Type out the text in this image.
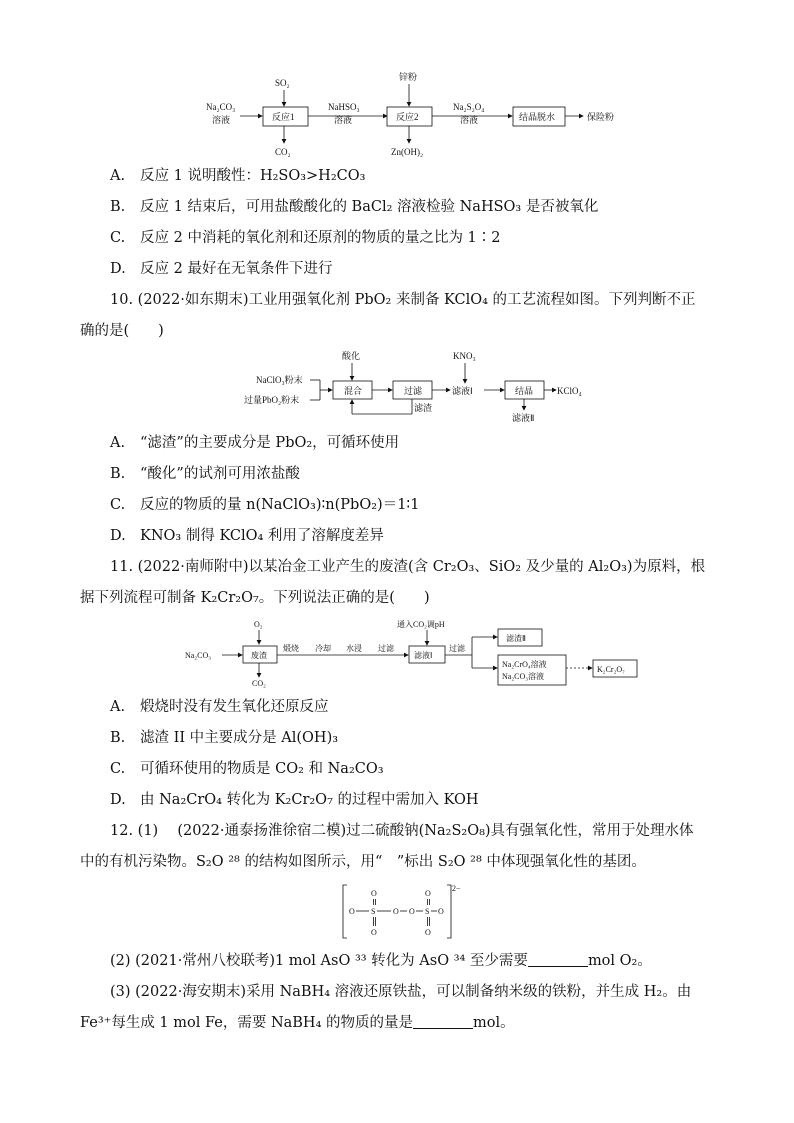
Na₂CO₃
溶液
SO₂
反应1
CO₂
NaHSO₃
溶液
锌粉
反应2
Zn(OH)₂
Na₂S₂O₄
溶液	结晶脱水	保险粉
A. 反应 1 说明酸性：H₂SO₃>H₂CO₃
B. 反应 1 结束后，可用盐酸酸化的 BaCl₂ 溶液检验 NaHSO₃ 是否被氧化
C. 反应 2 中消耗的氧化剂和还原剂的物质的量之比为 1∶2
D. 反应 2 最好在无氧条件下进行
10. (2022·如东期末)工业用强氧化剂 PbO₂ 来制备 KClO₄ 的工艺流程如图。下列判断不正
确的是(　　)
酸化
NaClO₃粉末
过量PbO₂粉末
混合	过滤
滤渣
滤液Ⅰ
KNO₃
结晶	KClO₄
滤液Ⅱ
A. “滤渣”的主要成分是 PbO₂，可循环使用
B. “酸化”的试剂可用浓盐酸
C. 反应的物质的量 n(NaClO₃)∶n(PbO₂)＝1∶1
D. KNO₃ 制得 KClO₄ 利用了溶解度差异
11. (2022·南师附中)以某冶金工业产生的废渣(含 Cr₂O₃、SiO₂ 及少量的 Al₂O₃)为原料，根
据下列流程可制备 K₂Cr₂O₇。下列说法正确的是(　　)
O₂
Na₂CO₃	废渣
CO₂
煅烧 冷却 水浸 过滤
滤液Ⅰ
通入CO₂调pH
过滤
滤渣Ⅱ
Na₂CrO₄溶液
Na₂CO₃溶液
K₂Cr₂O₇
A. 煅烧时没有发生氧化还原反应
B. 滤渣 II 中主要成分是 Al(OH)₃
C. 可循环使用的物质是 CO₂ 和 Na₂CO₃
D. 由 Na₂CrO₄ 转化为 K₂Cr₂O₇ 的过程中需加入 KOH
12. (1)　 (2022·通泰扬淮徐宿二模)过二硫酸钠(Na₂S₂O₈)具有强氧化性，常用于处理水体
中的有机污染物。S₂O ²⁸ 的结构如图所示，用“　”标出 S₂O ²⁸ 中体现强氧化性的基团。
2−
O S O O S O
O
O
O
O
(2) (2021·常州八校联考)1 mol AsO ³³ 转化为 AsO ³⁴ 至少需要	mol O₂。
(3) (2022·海安期末)采用 NaBH₄ 溶液还原铁盐，可以制备纳米级的铁粉，并生成 H₂。由
Fe³⁺每生成 1 mol Fe，需要 NaBH₄ 的物质的量是	mol。
